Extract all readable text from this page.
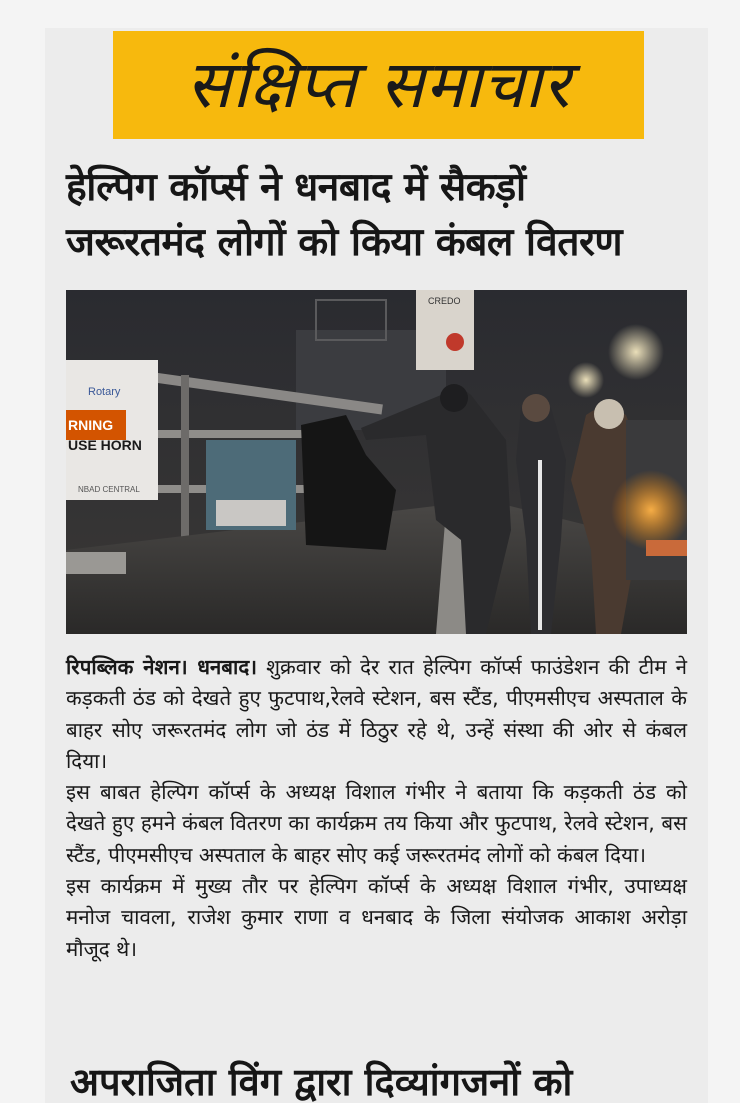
संक्षिप्त समाचार
हेल्पिग कॉर्प्स ने धनबाद में सैकड़ों
जरूरतमंद लोगों को किया कंबल वितरण
CREDO
Rotary
RNING
USE HORN
NBAD CENTRAL

रिपब्लिक नेशन। धनबाद। शुक्रवार को देर रात हेल्पिग कॉर्प्स फाउंडेशन की टीम ने कड़कती ठंड को देखते हुए फुटपाथ,रेलवे स्टेशन, बस स्टैंड, पीएमसीएच अस्पताल के बाहर सोए जरूरतमंद लोग जो ठंड में ठिठुर रहे थे, उन्हें संस्था की ओर से कंबल दिया।

इस बाबत हेल्पिग कॉर्प्स के अध्यक्ष विशाल गंभीर ने बताया कि कड़कती ठंड को देखते हुए हमने कंबल वितरण का कार्यक्रम तय किया और फुटपाथ, रेलवे स्टेशन, बस स्टैंड, पीएमसीएच अस्पताल के बाहर सोए कई जरूरतमंद लोगों को कंबल दिया।

इस कार्यक्रम में मुख्य तौर पर हेल्पिग कॉर्प्स के अध्यक्ष विशाल गंभीर, उपाध्यक्ष मनोज चावला, राजेश कुमार राणा व धनबाद के जिला संयोजक आकाश अरोड़ा मौजूद थे।

अपराजिता विंग द्वारा दिव्यांगजनों को
